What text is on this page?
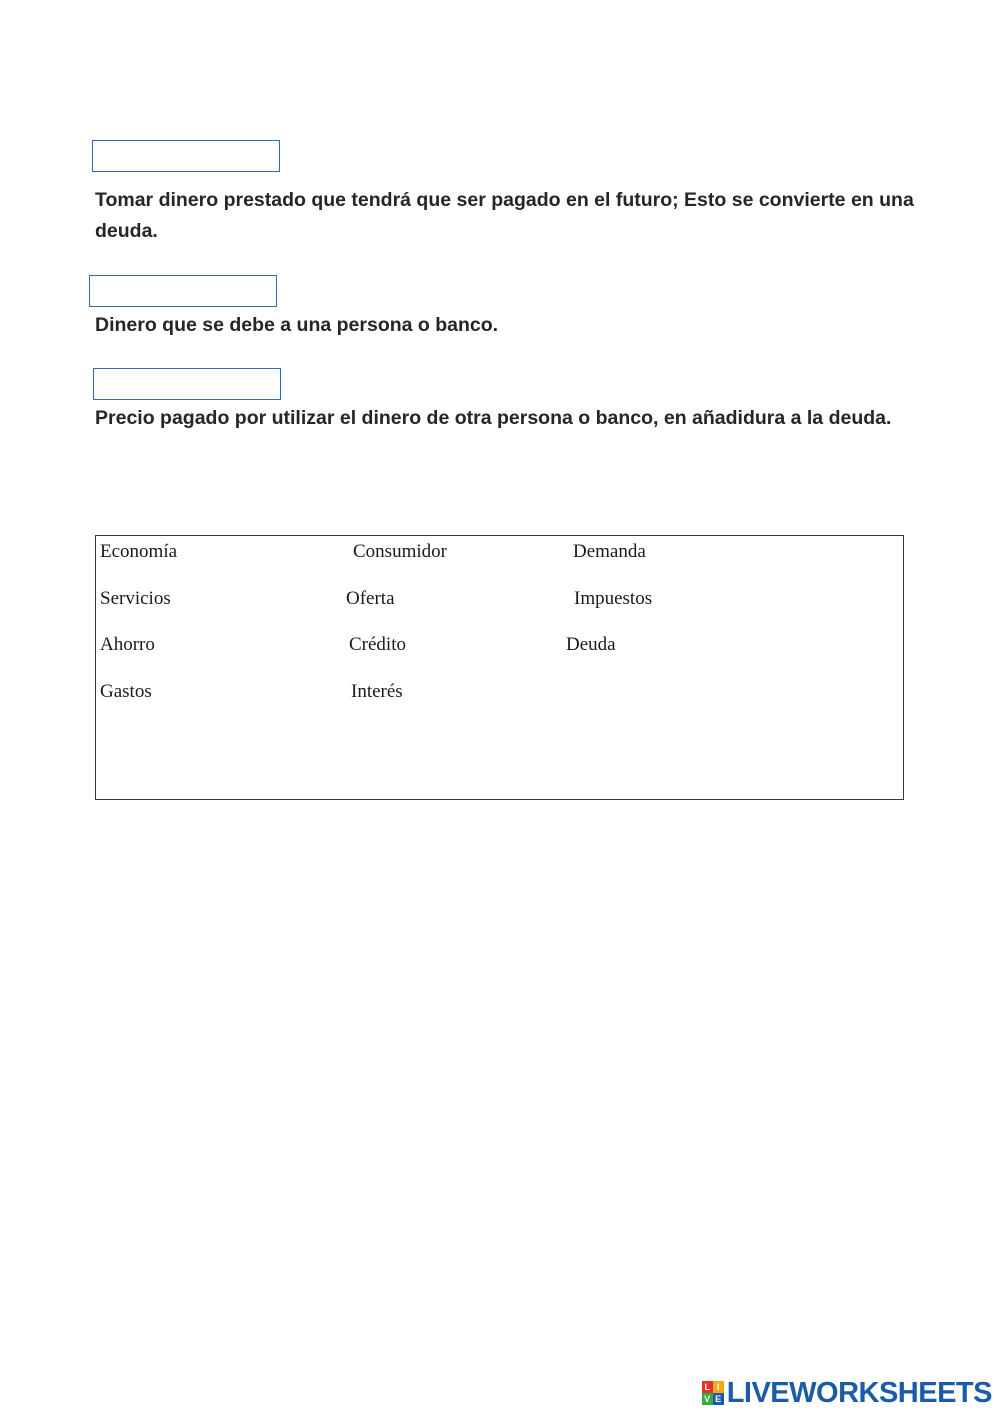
Tomar dinero prestado que tendrá que ser pagado en el futuro; Esto se convierte en una deuda.

Dinero que se debe a una persona o banco.

Precio pagado por utilizar el dinero de otra persona o banco, en añadidura a la deuda.

Economía	Consumidor	Demanda
Servicios	Oferta	Impuestos
Ahorro	Crédito	Deuda
Gastos	Interés
L I
V E LIVEWORKSHEETS
